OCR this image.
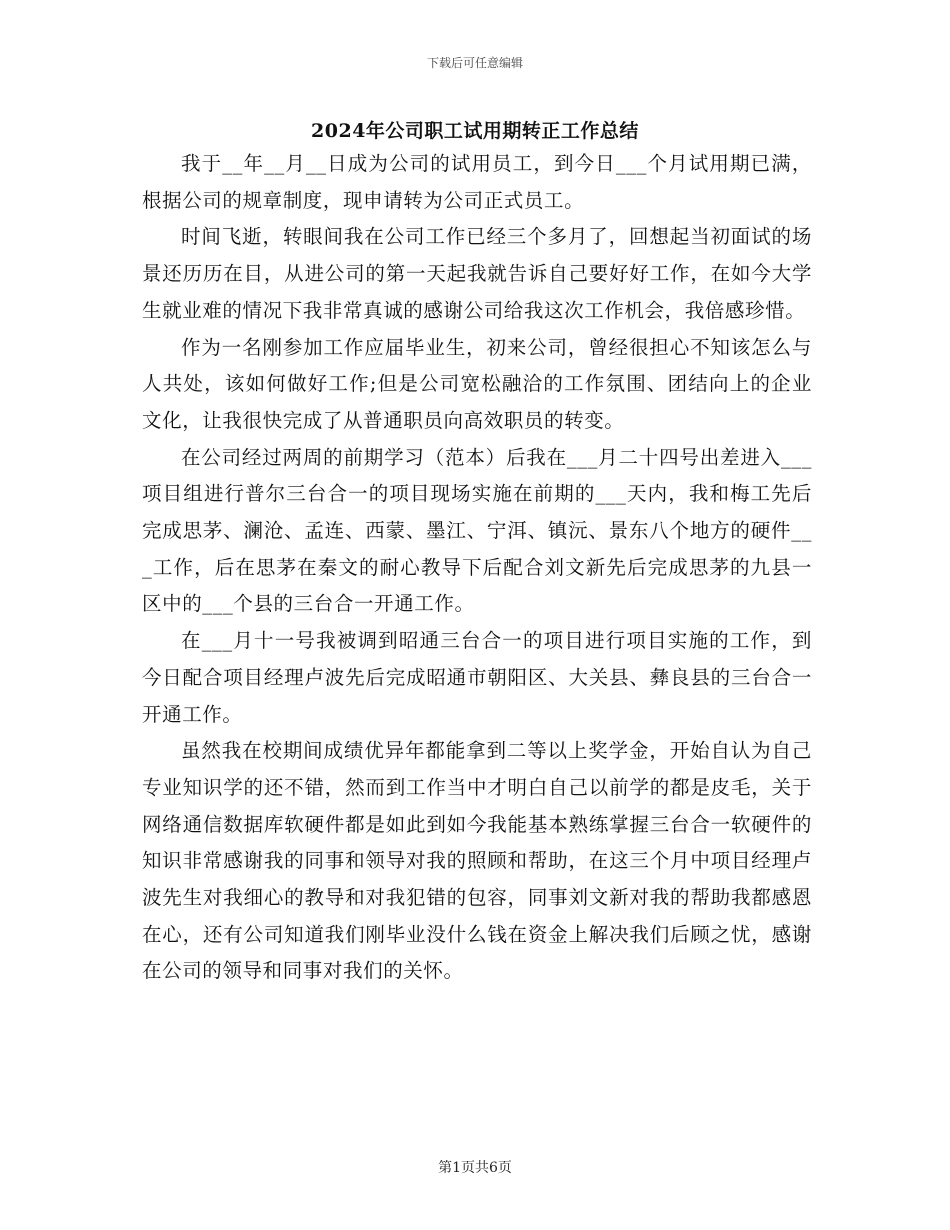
下载后可任意编辑
2024年公司职工试用期转正工作总结

我于__年__月__日成为公司的试用员工，到今日___个月试用期已满，根据公司的规章制度，现申请转为公司正式员工。

时间飞逝，转眼间我在公司工作已经三个多月了，回想起当初面试的场景还历历在目，从进公司的第一天起我就告诉自己要好好工作，在如今大学生就业难的情况下我非常真诚的感谢公司给我这次工作机会，我倍感珍惜。

作为一名刚参加工作应届毕业生，初来公司，曾经很担心不知该怎么与人共处，该如何做好工作;但是公司宽松融洽的工作氛围、团结向上的企业文化，让我很快完成了从普通职员向高效职员的转变。

在公司经过两周的前期学习（范本）后我在___月二十四号出差进入___项目组进行普尔三台合一的项目现场实施在前期的___天内，我和梅工先后完成思茅、澜沧、孟连、西蒙、墨江、宁洱、镇沅、景东八个地方的硬件___工作，后在思茅在秦文的耐心教导下后配合刘文新先后完成思茅的九县一区中的___个县的三台合一开通工作。

在___月十一号我被调到昭通三台合一的项目进行项目实施的工作，到今日配合项目经理卢波先后完成昭通市朝阳区、大关县、彝良县的三台合一开通工作。

虽然我在校期间成绩优异年都能拿到二等以上奖学金，开始自认为自己专业知识学的还不错，然而到工作当中才明白自己以前学的都是皮毛，关于网络通信数据库软硬件都是如此到如今我能基本熟练掌握三台合一软硬件的知识非常感谢我的同事和领导对我的照顾和帮助，在这三个月中项目经理卢波先生对我细心的教导和对我犯错的包容，同事刘文新对我的帮助我都感恩在心，还有公司知道我们刚毕业没什么钱在资金上解决我们后顾之忧，感谢在公司的领导和同事对我们的关怀。

第1页共6页
